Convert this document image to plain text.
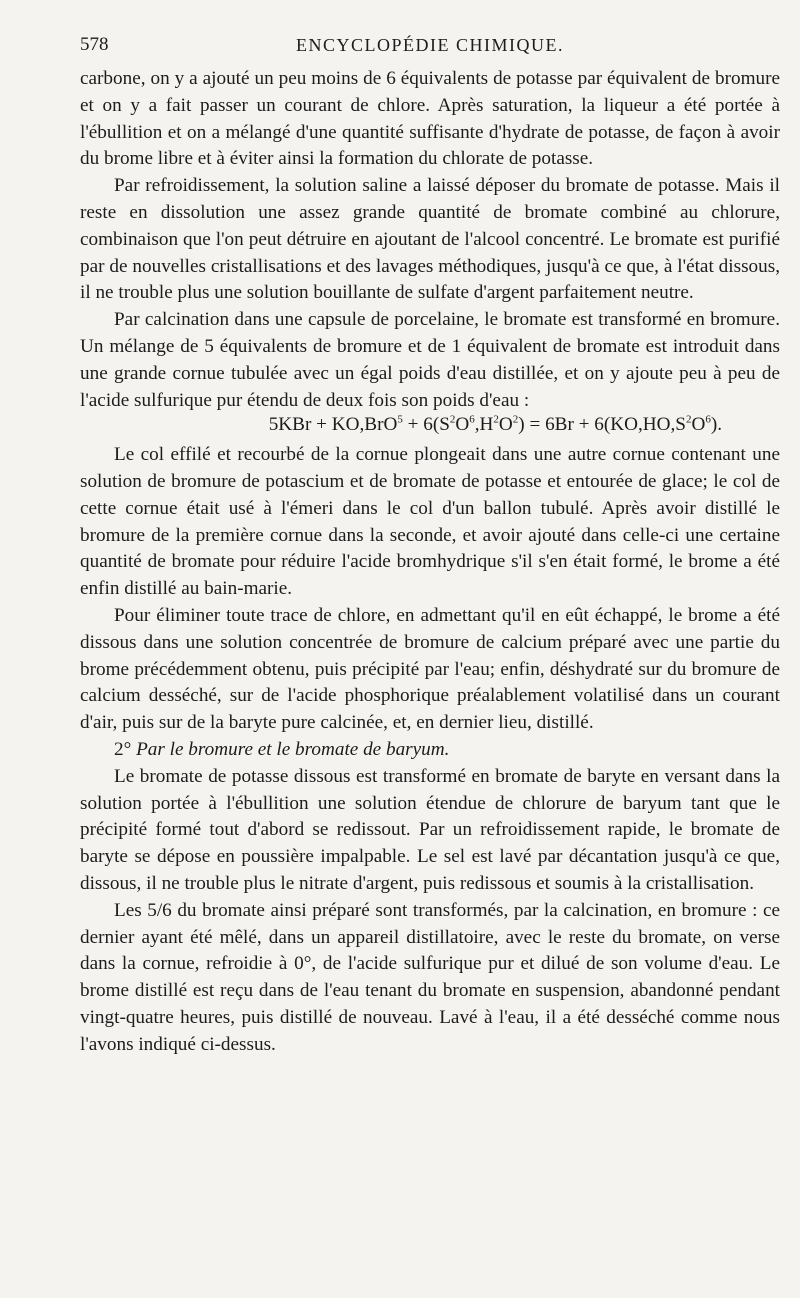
578	ENCYCLOPÉDIE CHIMIQUE.

carbone, on y a ajouté un peu moins de 6 équivalents de potasse par équivalent de bromure et on y a fait passer un courant de chlore. Après saturation, la liqueur a été portée à l'ébullition et on a mélangé d'une quantité suffisante d'hydrate de potasse, de façon à avoir du brome libre et à éviter ainsi la formation du chlorate de potasse.

Par refroidissement, la solution saline a laissé déposer du bromate de potasse. Mais il reste en dissolution une assez grande quantité de bromate combiné au chlorure, combinaison que l'on peut détruire en ajoutant de l'alcool concentré. Le bromate est purifié par de nouvelles cristallisations et des lavages méthodiques, jusqu'à ce que, à l'état dissous, il ne trouble plus une solution bouillante de sulfate d'argent parfaitement neutre.

Par calcination dans une capsule de porcelaine, le bromate est transformé en bromure. Un mélange de 5 équivalents de bromure et de 1 équivalent de bromate est introduit dans une grande cornue tubulée avec un égal poids d'eau distillée, et on y ajoute peu à peu de l'acide sulfurique pur étendu de deux fois son poids d'eau :

$5KBr + KO,BrO^5 + 6(S^2O^6,H^2O^2) = 6Br + 6(KO,HO,S^2O^6)$.

Le col effilé et recourbé de la cornue plongeait dans une autre cornue contenant une solution de bromure de potascium et de bromate de potasse et entourée de glace; le col de cette cornue était usé à l'émeri dans le col d'un ballon tubulé. Après avoir distillé le bromure de la première cornue dans la seconde, et avoir ajouté dans celle-ci une certaine quantité de bromate pour réduire l'acide bromhydrique s'il s'en était formé, le brome a été enfin distillé au bain-marie.

Pour éliminer toute trace de chlore, en admettant qu'il en eût échappé, le brome a été dissous dans une solution concentrée de bromure de calcium préparé avec une partie du brome précédemment obtenu, puis précipité par l'eau; enfin, déshydraté sur du bromure de calcium desséché, sur de l'acide phosphorique préalablement volatilisé dans un courant d'air, puis sur de la baryte pure calcinée, et, en dernier lieu, distillé.

2° Par le bromure et le bromate de baryum.

Le bromate de potasse dissous est transformé en bromate de baryte en versant dans la solution portée à l'ébullition une solution étendue de chlorure de baryum tant que le précipité formé tout d'abord se redissout. Par un refroidissement rapide, le bromate de baryte se dépose en poussière impalpable. Le sel est lavé par décantation jusqu'à ce que, dissous, il ne trouble plus le nitrate d'argent, puis redissous et soumis à la cristallisation.

Les 5/6 du bromate ainsi préparé sont transformés, par la calcination, en bromure : ce dernier ayant été mêlé, dans un appareil distillatoire, avec le reste du bromate, on verse dans la cornue, refroidie à 0°, de l'acide sulfurique pur et dilué de son volume d'eau. Le brome distillé est reçu dans de l'eau tenant du bromate en suspension, abandonné pendant vingt-quatre heures, puis distillé de nouveau. Lavé à l'eau, il a été desséché comme nous l'avons indiqué ci-dessus.
